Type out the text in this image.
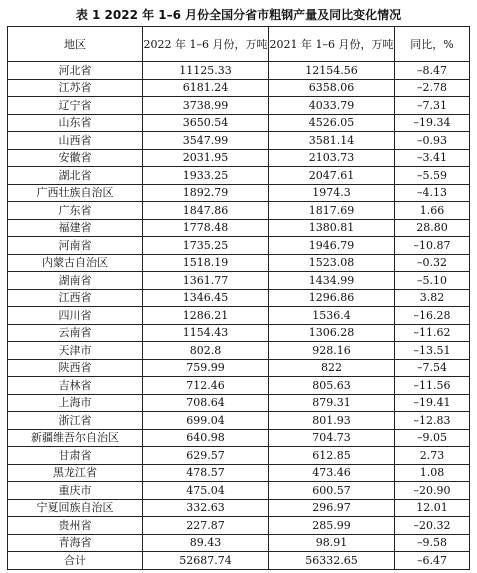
表 1 2022 年 1–6 月份全国分省市粗钢产量及同比变化情况
地区	2022 年 1–6 月份，万吨	2021 年 1–6 月份，万吨	同比，%
河北省	11125.33	12154.56	–8.47
江苏省	6181.24	6358.06	–2.78
辽宁省	3738.99	4033.79	–7.31
山东省	3650.54	4526.05	–19.34
山西省	3547.99	3581.14	–0.93
安徽省	2031.95	2103.73	–3.41
湖北省	1933.25	2047.61	–5.59
广西壮族自治区	1892.79	1974.3	–4.13
广东省	1847.86	1817.69	1.66
福建省	1778.48	1380.81	28.80
河南省	1735.25	1946.79	–10.87
内蒙古自治区	1518.19	1523.08	–0.32
湖南省	1361.77	1434.99	–5.10
江西省	1346.45	1296.86	3.82
四川省	1286.21	1536.4	–16.28
云南省	1154.43	1306.28	–11.62
天津市	802.8	928.16	–13.51
陕西省	759.99	822	–7.54
吉林省	712.46	805.63	–11.56
上海市	708.64	879.31	–19.41
浙江省	699.04	801.93	–12.83
新疆维吾尔自治区	640.98	704.73	–9.05
甘肃省	629.57	612.85	2.73
黑龙江省	478.57	473.46	1.08
重庆市	475.04	600.57	–20.90
宁夏回族自治区	332.63	296.97	12.01
贵州省	227.87	285.99	–20.32
青海省	89.43	98.91	–9.58
合计	52687.74	56332.65	–6.47
